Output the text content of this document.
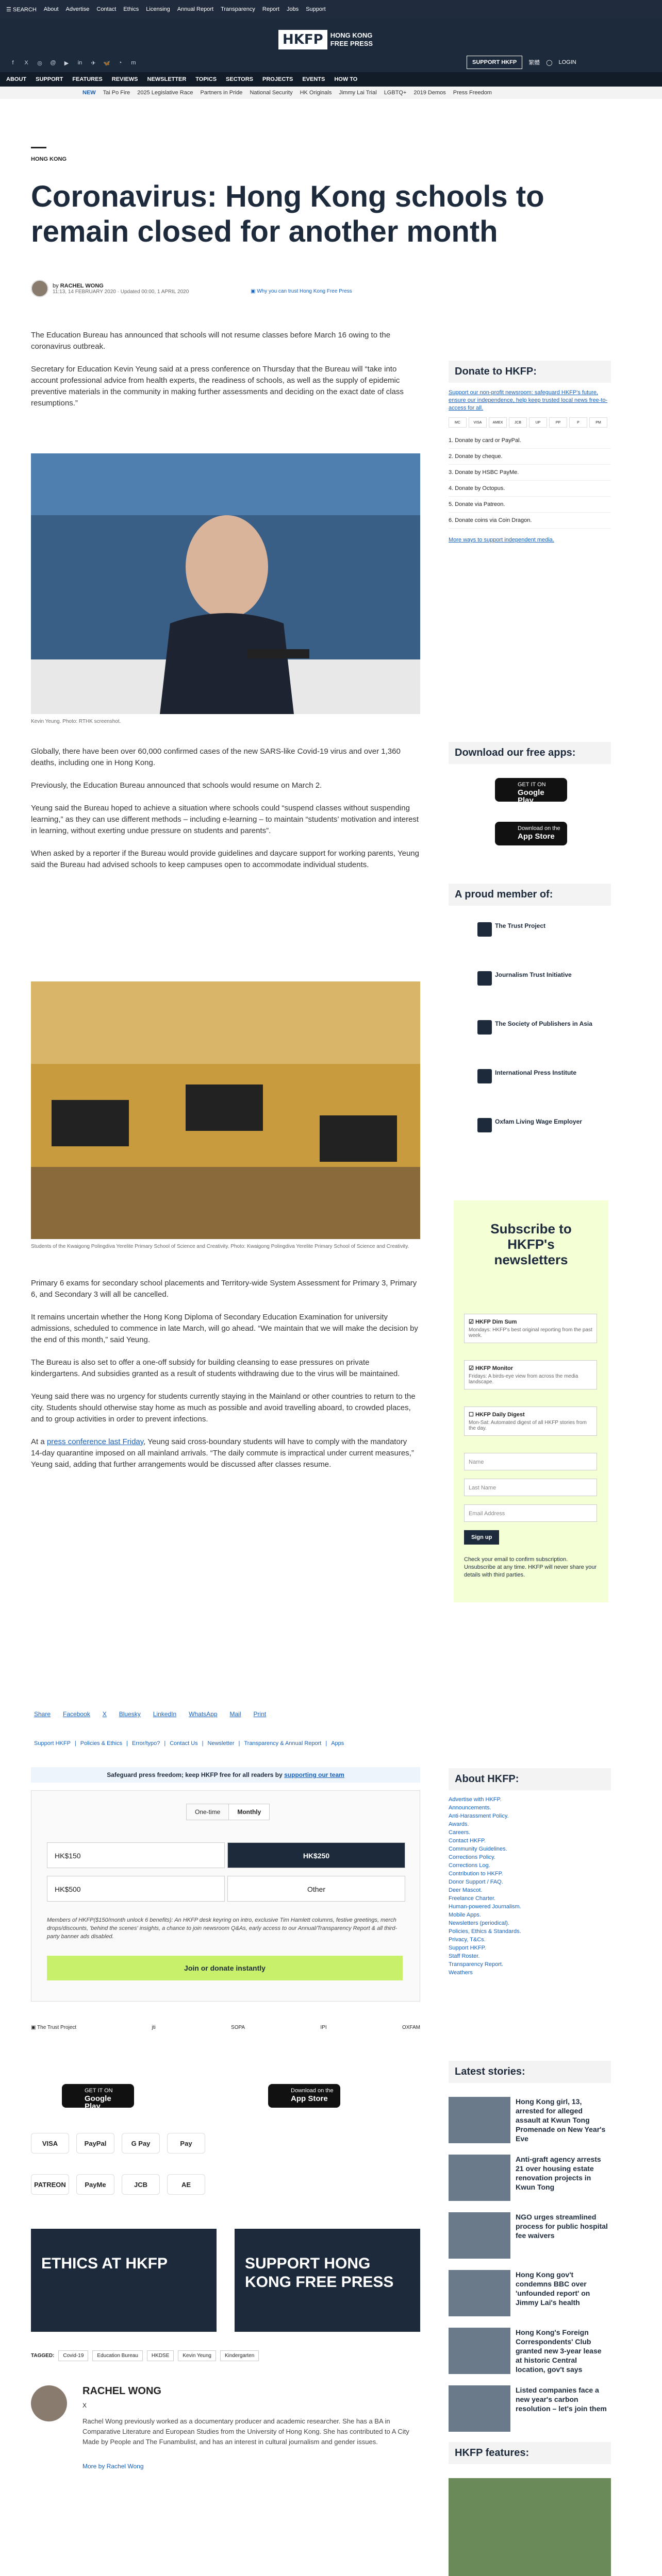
☰ SEARCH About Advertise Contact Ethics Licensing Annual Report Transparency Report Jobs Support
f	X	◎ @ ▶ in ✈ 🦋	◔	m	SUPPORT HKFP	繁體 ◯ LOGIN
HKFP	HONG KONG FREE PRESS
ABOUT SUPPORT FEATURES REVIEWS NEWSLETTER TOPICS SECTORS PROJECTS EVENTS HOW TO
NEW Tai Po Fire 2025 Legislative Race Partners in Pride National Security HK Originals Jimmy Lai Trial LGBTQ+ 2019 Demos Press Freedom
HONG KONG
Coronavirus: Hong Kong schools to remain closed for another month
by RACHEL WONG
11:13, 14 FEBRUARY 2020 · Updated 00:00, 1 APRIL 2020	▣ Why you can trust Hong Kong Free Press

The Education Bureau has announced that schools will not resume classes before March 16 owing to the coronavirus outbreak.

Secretary for Education Kevin Yeung said at a press conference on Thursday that the Bureau will “take into account professional advice from health experts, the readiness of schools, as well as the supply of epidemic preventive materials in the community in making further assessments and deciding on the exact date of class resumptions.”

Kevin Yeung. Photo: RTHK screenshot.

Globally, there have been over 60,000 confirmed cases of the new SARS-like Covid-19 virus and over 1,360 deaths, including one in Hong Kong.

Previously, the Education Bureau announced that schools would resume on March 2.

Yeung said the Bureau hoped to achieve a situation where schools could “suspend classes without suspending learning,” as they can use different methods – including e-learning – to maintain “students’ motivation and interest in learning, without exerting undue pressure on students and parents”.

When asked by a reporter if the Bureau would provide guidelines and daycare support for working parents, Yeung said the Bureau had advised schools to keep campuses open to accommodate individual students.

Students of the Kwaigong Polingdiva Yerelite Primary School of Science and Creativity. Photo: Kwaigong Polingdiva Yerelite Primary School of Science and Creativity.

Primary 6 exams for secondary school placements and Territory-wide System Assessment for Primary 3, Primary 6, and Secondary 3 will all be cancelled.

It remains uncertain whether the Hong Kong Diploma of Secondary Education Examination for university admissions, scheduled to commence in late March, will go ahead. “We maintain that we will make the decision by the end of this month,” said Yeung.

The Bureau is also set to offer a one-off subsidy for building cleansing to ease pressures on private kindergartens. And subsidies granted as a result of students withdrawing due to the virus will be maintained.

Yeung said there was no urgency for students currently staying in the Mainland or other countries to return to the city. Students should otherwise stay home as much as possible and avoid travelling aboard, to crowded places, and to group activities in order to prevent infections.

At a press conference last Friday, Yeung said cross-boundary students will have to comply with the mandatory 14-day quarantine imposed on all mainland arrivals. “The daily commute is impractical under current measures,” Yeung said, adding that further arrangements would be discussed after classes resume.

Share Facebook X Bluesky LinkedIn WhatsApp Mail Print
Support HKFP | Policies & Ethics | Error/typo? | Contact Us | Newsletter | Transparency & Annual Report | Apps
Safeguard press freedom; keep HKFP free for all readers by supporting our team
One-time	Monthly
HK$150	HK$250
HK$500	Other
Members of HKFP($150/month unlock 6 benefits): An HKFP desk keyring on intro, exclusive Tim Hamlett columns, festive greetings, merch drops/discounts, 'behind the scenes' insights, a chance to join newsroom Q&As, early access to our Annual/Transparency Report & all third-party banner ads disabled.
Join or donate instantly
▣ The Trust Project	jti	SOPA	IPI	OXFAM
GET IT ON
Google Play
Download on the
App Store
VISA	PayPal	G Pay	Pay
PATREON	PayMe	JCB	AE
ETHICS AT HKFP	SUPPORT HONG KONG FREE PRESS
TAGGED:	Covid-19	Education Bureau	HKDSE	Kevin Yeung	Kindergarten
RACHEL WONG
X
Rachel Wong previously worked as a documentary producer and academic researcher. She has a BA in Comparative Literature and European Studies from the University of Hong Kong. She has contributed to A City Made by People and The Funambulist, and has an interest in cultural journalism and gender issues.
More by Rachel Wong
Donate to HKFP:

Support our non-profit newsroom: safeguard HKFP's future, ensure our independence, help keep trusted local news free-to-access for all.

MC	VISA	AMEX	JCB	UP	PP	P	PM
1. Donate by card or PayPal.
2. Donate by cheque.
3. Donate by HSBC PayMe.
4. Donate by Octopus.
5. Donate via Patreon.
6. Donate coins via Coin Dragon.

More ways to support independent media.

Download our free apps:
GET IT ON
Google Play
Download on the
App Store
A proud member of:
The Trust Project
Journalism Trust Initiative
The Society of Publishers in Asia
International Press Institute
Oxfam Living Wage Employer
Subscribe to HKFP's newsletters
☑ HKFP Dim Sum
Mondays: HKFP's best original reporting from the past week.
☑ HKFP Monitor
Fridays: A birds-eye view from across the media landscape.
☐ HKFP Daily Digest
Mon-Sat: Automated digest of all HKFP stories from the day.
Name
Last Name
Email Address
Sign up
Check your email to confirm subscription. Unsubscribe at any time. HKFP will never share your details with third parties.
About HKFP:
Advertise with HKFP.
Announcements.
Anti-Harassment Policy.
Awards.
Careers.
Contact HKFP.
Community Guidelines.
Corrections Policy.
Corrections Log.
Contribution to HKFP.
Donor Support / FAQ.
Deer Mascot.
Freelance Charter.
Human-powered Journalism.
Mobile Apps.
Newsletters (periodical).
Policies, Ethics & Standards.
Privacy, T&Cs.
Support HKFP.
Staff Roster.
Transparency Report.
Weathers
Latest stories:
Hong Kong girl, 13, arrested for alleged assault at Kwun Tong Promenade on New Year's Eve
Anti-graft agency arrests 21 over housing estate renovation projects in Kwun Tong
NGO urges streamlined process for public hospital fee waivers
Hong Kong gov't condemns BBC over 'unfounded report' on Jimmy Lai's health
Hong Kong's Foreign Correspondents' Club granted new 3-year lease at historic Central location, gov't says
Listed companies face a new year's carbon resolution – let's join them
HKFP features:
